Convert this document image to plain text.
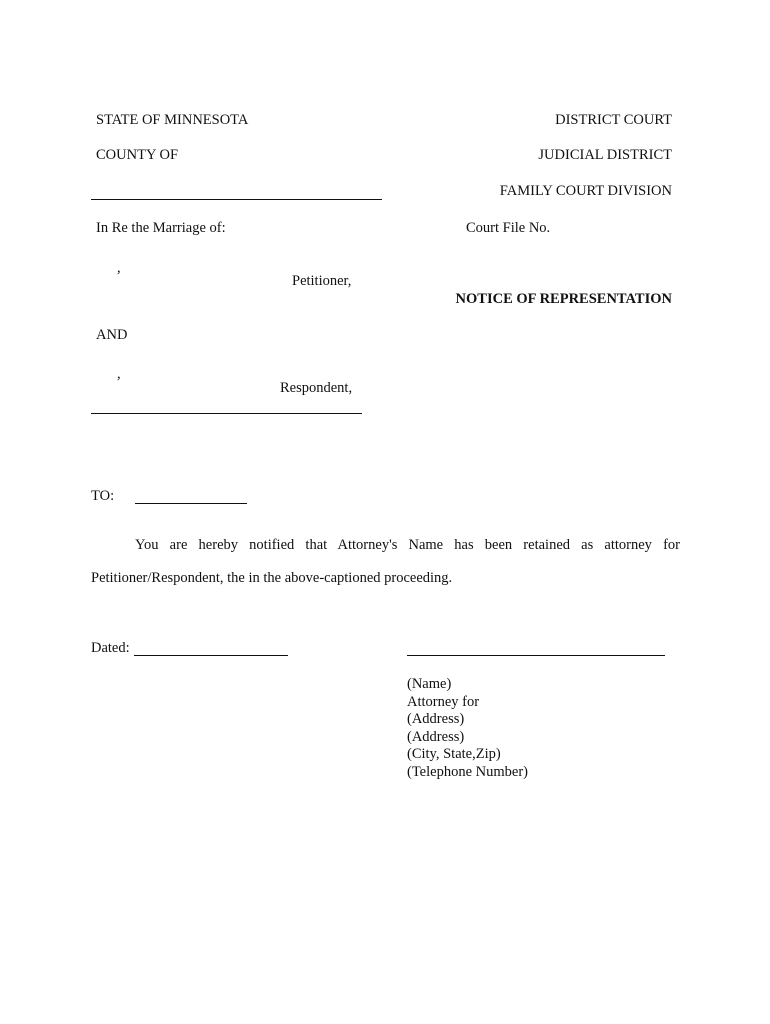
STATE OF MINNESOTA
COUNTY OF
In Re the Marriage of:
,
Petitioner,
AND
,
Respondent,
DISTRICT COURT
JUDICIAL DISTRICT
FAMILY COURT DIVISION
Court File No.
NOTICE OF REPRESENTATION
TO:
You are hereby notified that Attorney's Name has been retained as attorney for
Petitioner/Respondent, the in the above-captioned proceeding.
Dated:
(Name)
Attorney for
(Address)
(Address)
(City, State,Zip)
(Telephone Number)
